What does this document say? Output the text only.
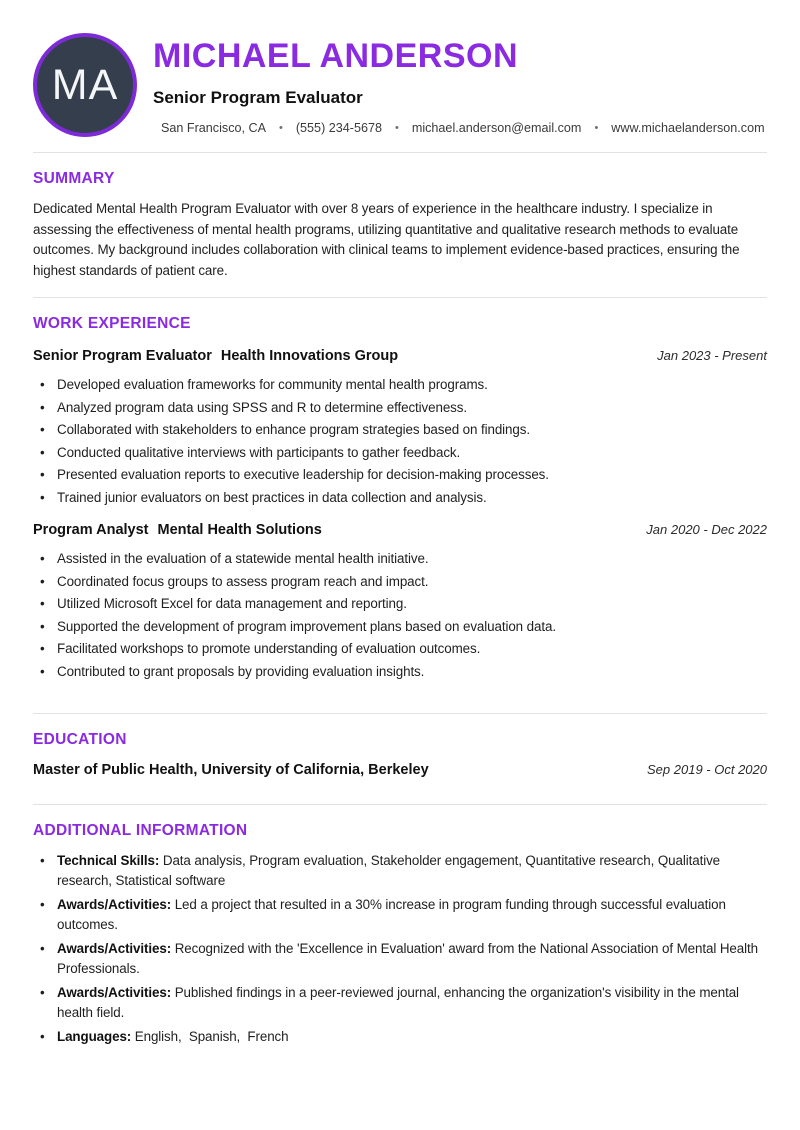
MA
MICHAEL ANDERSON
Senior Program Evaluator
San Francisco, CA • (555) 234-5678 • michael.anderson@email.com • www.michaelanderson.com
SUMMARY

Dedicated Mental Health Program Evaluator with over 8 years of experience in the healthcare industry. I specialize in assessing the effectiveness of mental health programs, utilizing quantitative and qualitative research methods to evaluate outcomes. My background includes collaboration with clinical teams to implement evidence-based practices, ensuring the highest standards of patient care.

WORK EXPERIENCE
Senior Program Evaluator Health Innovations Group	Jan 2023 - Present
• Developed evaluation frameworks for community mental health programs.
• Analyzed program data using SPSS and R to determine effectiveness.
• Collaborated with stakeholders to enhance program strategies based on findings.
• Conducted qualitative interviews with participants to gather feedback.
• Presented evaluation reports to executive leadership for decision-making processes.
• Trained junior evaluators on best practices in data collection and analysis.
Program Analyst Mental Health Solutions	Jan 2020 - Dec 2022
• Assisted in the evaluation of a statewide mental health initiative.
• Coordinated focus groups to assess program reach and impact.
• Utilized Microsoft Excel for data management and reporting.
• Supported the development of program improvement plans based on evaluation data.
• Facilitated workshops to promote understanding of evaluation outcomes.
• Contributed to grant proposals by providing evaluation insights.
EDUCATION
Master of Public Health, University of California, Berkeley	Sep 2019 - Oct 2020
ADDITIONAL INFORMATION
• Technical Skills: Data analysis, Program evaluation, Stakeholder engagement, Quantitative research, Qualitative research, Statistical software
• Awards/Activities: Led a project that resulted in a 30% increase in program funding through successful evaluation outcomes.
• Awards/Activities: Recognized with the 'Excellence in Evaluation' award from the National Association of Mental Health Professionals.
• Awards/Activities: Published findings in a peer-reviewed journal, enhancing the organization's visibility in the mental health field.
• Languages: English,  Spanish,  French
